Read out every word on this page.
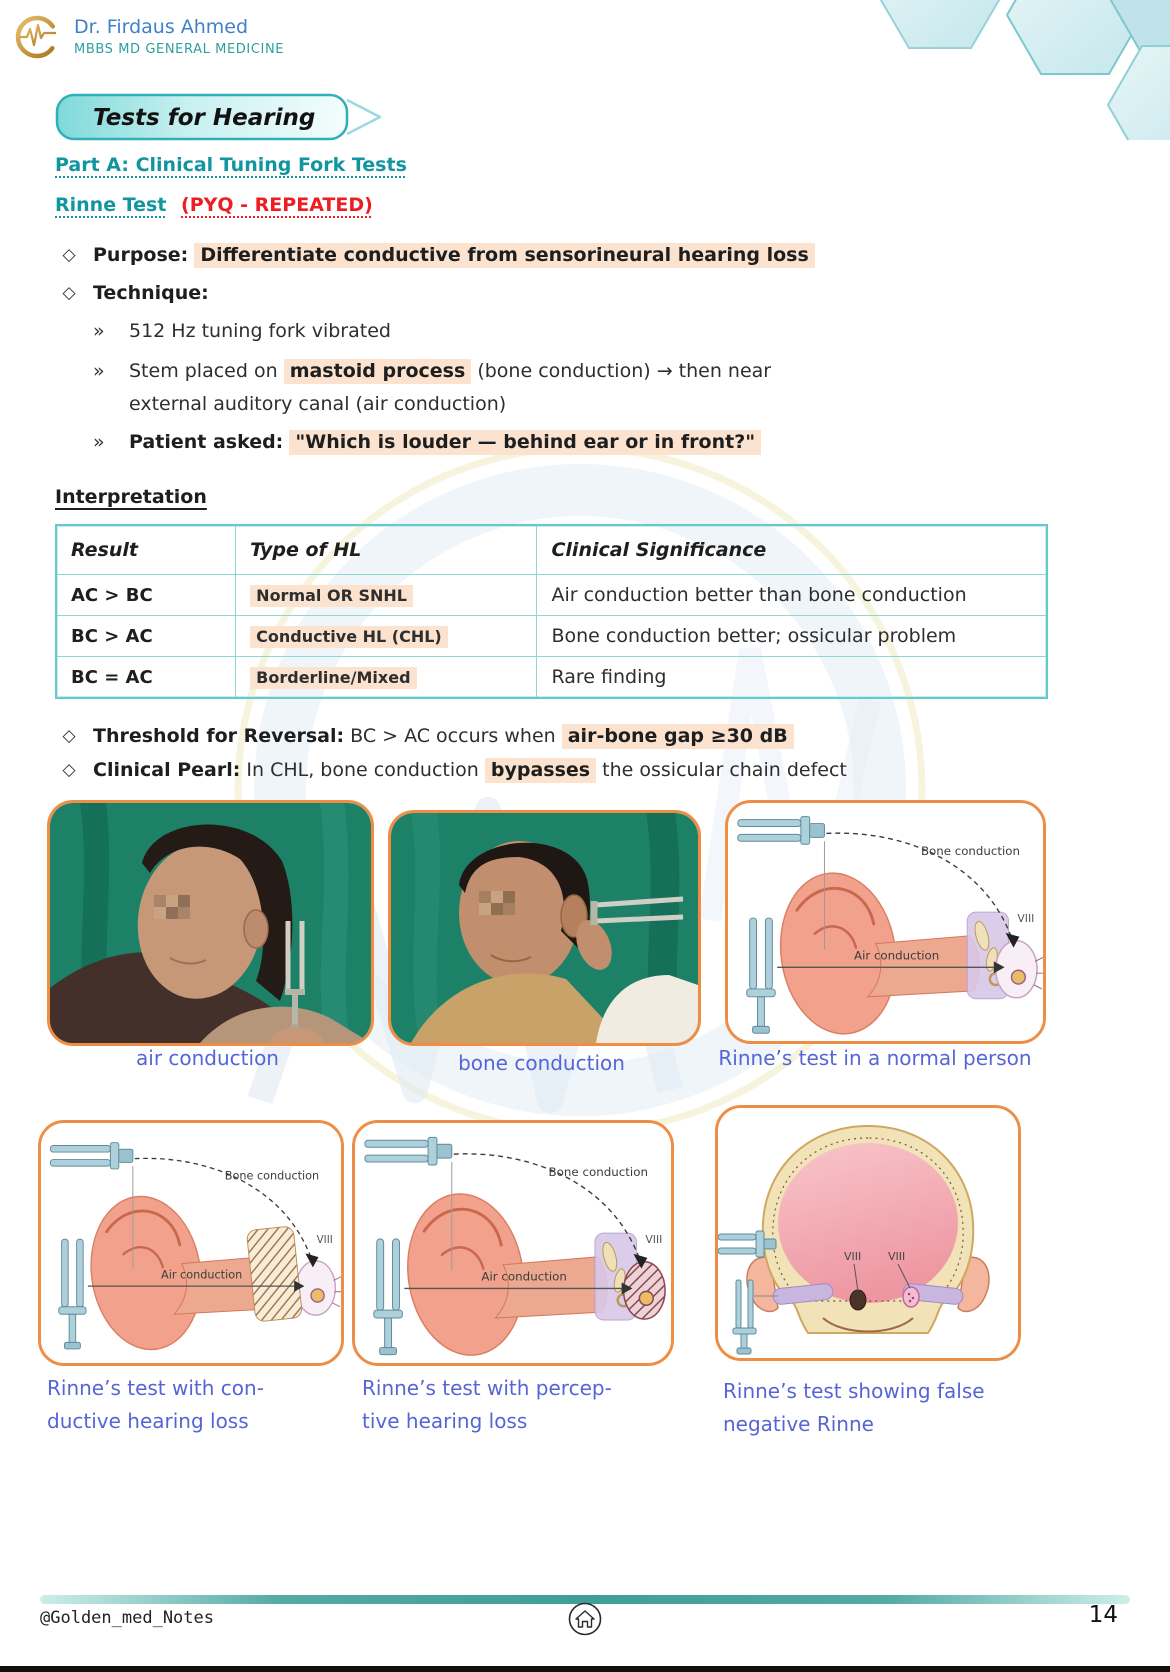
Dr. Firdaus Ahmed
MBBS MD GENERAL MEDICINE
Tests for Hearing
Part A: Clinical Tuning Fork Tests
Rinne Test (PYQ - REPEATED)
◇ Purpose: Differentiate conductive from sensorineural hearing loss
◇ Technique:
»	512 Hz tuning fork vibrated
»	Stem placed on mastoid process (bone conduction) → then near external auditory canal (air conduction)
»	Patient asked: "Which is louder — behind ear or in front?"
Interpretation
Result	Type of HL	Clinical Significance
AC > BC	Normal OR SNHL	Air conduction better than bone conduction
BC > AC	Conductive HL (CHL)	Bone conduction better; ossicular problem
BC = AC	Borderline/Mixed	Rare finding
◇ Threshold for Reversal: BC > AC occurs when air-bone gap ≥30 dB
◇ Clinical Pearl: In CHL, bone conduction bypasses the ossicular chain defect
Bone conduction
Air conduction
VIII
air conduction	bone conduction	Rinne’s test in a normal person
Bone conduction
Air conduction
VIII
Bone conduction
Air conduction
VIII
VIII VIII
Rinne’s test with con-
ductive hearing loss
Rinne’s test with percep-
tive hearing loss
Rinne’s test showing false
negative Rinne
@Golden_med_Notes	14
